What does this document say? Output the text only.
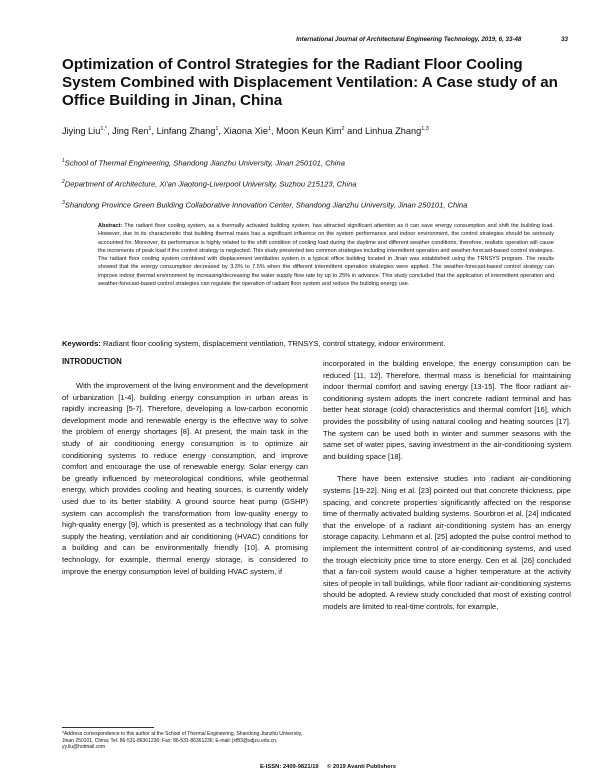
International Journal of Architectural Engineering Technology, 2019, 6, 33-48	33
Optimization of Control Strategies for the Radiant Floor Cooling System Combined with Displacement Ventilation: A Case study of an Office Building in Jinan, China
Jiying Liu$^{1,*}$, Jing Ren$^1$, Linfang Zhang$^1$, Xiaona Xie$^1$, Moon Keun Kim$^2$ and Linhua Zhang$^{1,3}$
$^1$School of Thermal Engineering, Shandong Jianzhu University, Jinan 250101, China
$^2$Department of Architecture, Xi'an Jiaotong-Liverpool University, Suzhou 215123, China
$^3$Shandong Province Green Building Collaborative Innovation Center, Shandong Jianzhu University, Jinan 250101, China
Abstract: The radiant floor cooling system, as a thermally activated building system, has attracted significant attention as it can save energy consumption and shift the building load. However, due to its characteristic that building thermal mass has a significant influence on the system performance and indoor environment, the control strategies should be seriously accounted for. Moreover, its performance is highly related to the shift condition of cooling load during the daytime and different weather conditions, therefore, realistic operation will cause the increments of peak load if the control strategy is neglected. This study presented two common strategies including intermittent operation and weather-forecast-based control strategies. The radiant floor cooling system combined with displacement ventilation system in a typical office building located in Jinan was established using the TRNSYS program. The results showed that the energy consumption decreased by 3.3% to 7.5% when the different intermittent operation strategies were applied. The weather-forecast-based control strategy can improve indoor thermal environment by increasing/decreasing the water supply flow rate by up to 25% in advance. This study concluded that the application of intermittent operation and weather-forecast-based control strategies can regulate the operation of radiant floor system and reduce the building energy use.
Keywords: Radiant floor cooling system, displacement ventilation, TRNSYS, control strategy, indoor environment.
INTRODUCTION

With the improvement of the living environment and the development of urbanization [1-4], building energy consumption in urban areas is rapidly increasing [5-7]. Therefore, developing a low-carbon economic development mode and renewable energy is the effective way to solve the problem of energy shortages [8]. At present, the main task in the study of air conditioning energy consumption is to optimize air conditioning systems to reduce energy consumption, and improve comfort and encourage the use of renewable energy. Solar energy can be greatly influenced by meteorological conditions, while geothermal energy, which provides cooling and heating sources, is currently widely used due to its better stability. A ground source heat pump (GSHP) system can accomplish the transformation from low-quality energy to high-quality energy [9], which is presented as a technology that can fully supply the heating, ventilation and air conditioning (HVAC) conditions for a building and can be environmentally friendly [10]. A promising technology, for example, thermal energy storage, is considered to improve the energy consumption level of building HVAC system, if

incorporated in the building envelope, the energy consumption can be reduced [11, 12]. Therefore, thermal mass is beneficial for maintaining indoor thermal comfort and saving energy [13-15]. The floor radiant air-conditioning system adopts the inert concrete radiant terminal and has better heat storage (cold) characteristics and thermal comfort [16], which provides the possibility of using natural cooling and heating sources [17]. The system can be used both in winter and summer seasons with the same set of water pipes, saving investment in the air-conditioning system and building space [18].

There have been extensive studies into radiant air-conditioning systems [19-22]. Ning et al. [23] pointed out that concrete thickness, pipe spacing, and concrete properties significantly affected on the response time of thermally activated building systems. Sourbron et al. [24] indicated that the envelope of a radiant air-conditioning system has an energy storage capacity. Lehmann et al. [25] adopted the pulse control method to implement the intermittent control of air-conditioning systems, and used the trough electricity price time to store energy. Cen et al. [26] concluded that a fan-coil system would cause a higher temperature at the activity sites of people in tall buildings, while floor radiant air-conditioning systems should be adopted. A review study concluded that most of existing control models are limited to real-time controls, for example,

*Address correspondence to this author at the School of Thermal Engineering, Shandong Jianzhu University, Jinan 250101, China; Tel: 86-531-86361236; Fax: 86-531-86361236; E-mail: jxf83@sdjzu.edu.cn, yy.liu@hotmail.com
E-ISSN: 2409-9821/19 © 2019 Avanti Publishers
